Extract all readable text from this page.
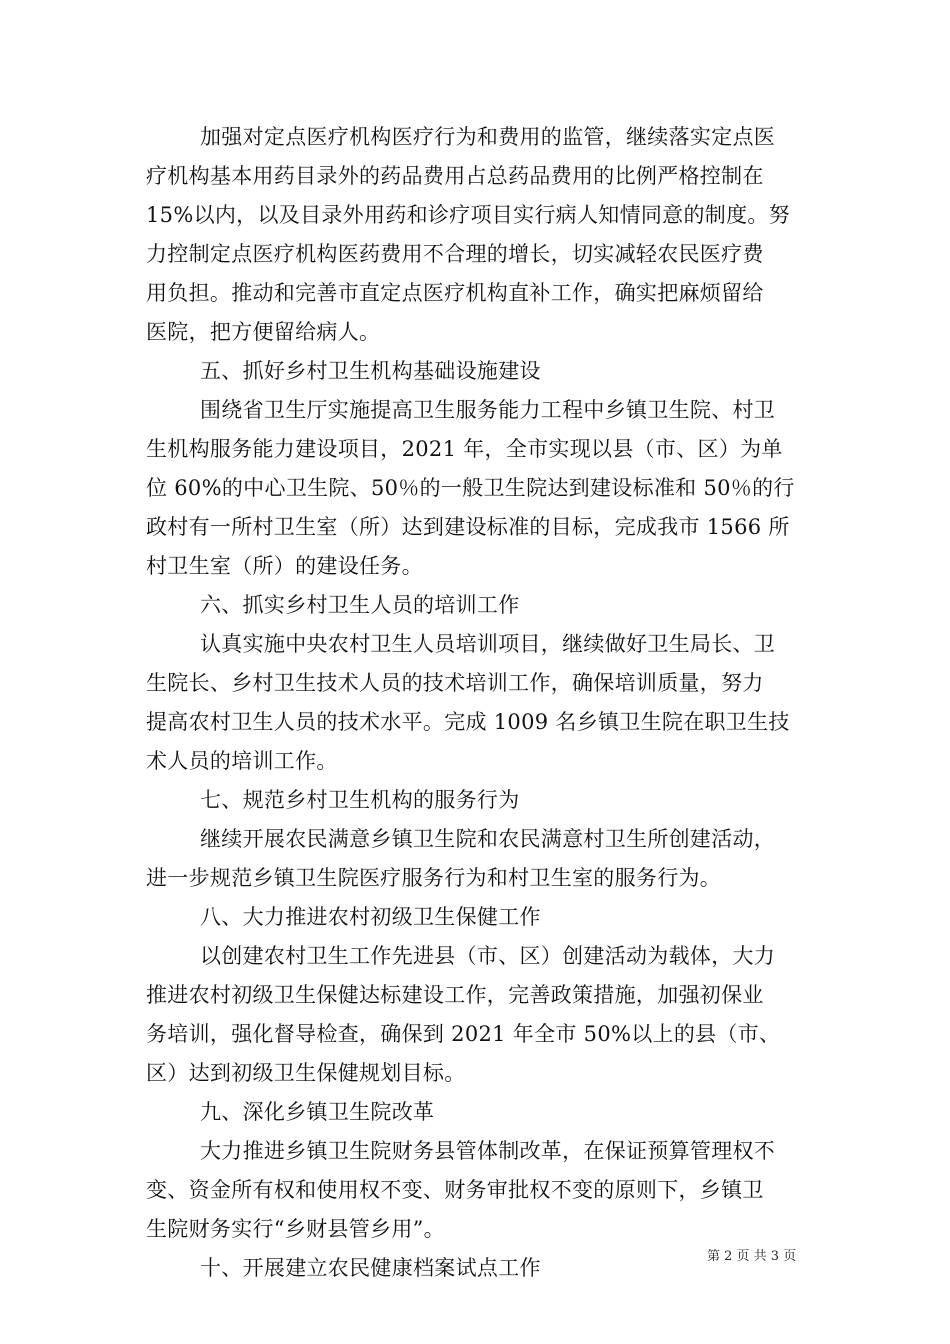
加强对定点医疗机构医疗行为和费用的监管，继续落实定点医
疗机构基本用药目录外的药品费用占总药品费用的比例严格控制在
15%以内，以及目录外用药和诊疗项目实行病人知情同意的制度。努
力控制定点医疗机构医药费用不合理的增长，切实减轻农民医疗费
用负担。推动和完善市直定点医疗机构直补工作，确实把麻烦留给
医院，把方便留给病人。
五、抓好乡村卫生机构基础设施建设
围绕省卫生厅实施提高卫生服务能力工程中乡镇卫生院、村卫
生机构服务能力建设项目，2021 年，全市实现以县（市、区）为单
位 60%的中心卫生院、50％的一般卫生院达到建设标准和 50％的行
政村有一所村卫生室（所）达到建设标准的目标，完成我市 1566 所
村卫生室（所）的建设任务。
六、抓实乡村卫生人员的培训工作
认真实施中央农村卫生人员培训项目，继续做好卫生局长、卫
生院长、乡村卫生技术人员的技术培训工作，确保培训质量，努力
提高农村卫生人员的技术水平。完成 1009 名乡镇卫生院在职卫生技
术人员的培训工作。
七、规范乡村卫生机构的服务行为
继续开展农民满意乡镇卫生院和农民满意村卫生所创建活动，
进一步规范乡镇卫生院医疗服务行为和村卫生室的服务行为。
八、大力推进农村初级卫生保健工作
以创建农村卫生工作先进县（市、区）创建活动为载体，大力
推进农村初级卫生保健达标建设工作，完善政策措施，加强初保业
务培训，强化督导检查，确保到 2021 年全市 50%以上的县（市、
区）达到初级卫生保健规划目标。
九、深化乡镇卫生院改革
大力推进乡镇卫生院财务县管体制改革，在保证预算管理权不
变、资金所有权和使用权不变、财务审批权不变的原则下，乡镇卫
生院财务实行“乡财县管乡用”。
十、开展建立农民健康档案试点工作	第 2 页 共 3 页
